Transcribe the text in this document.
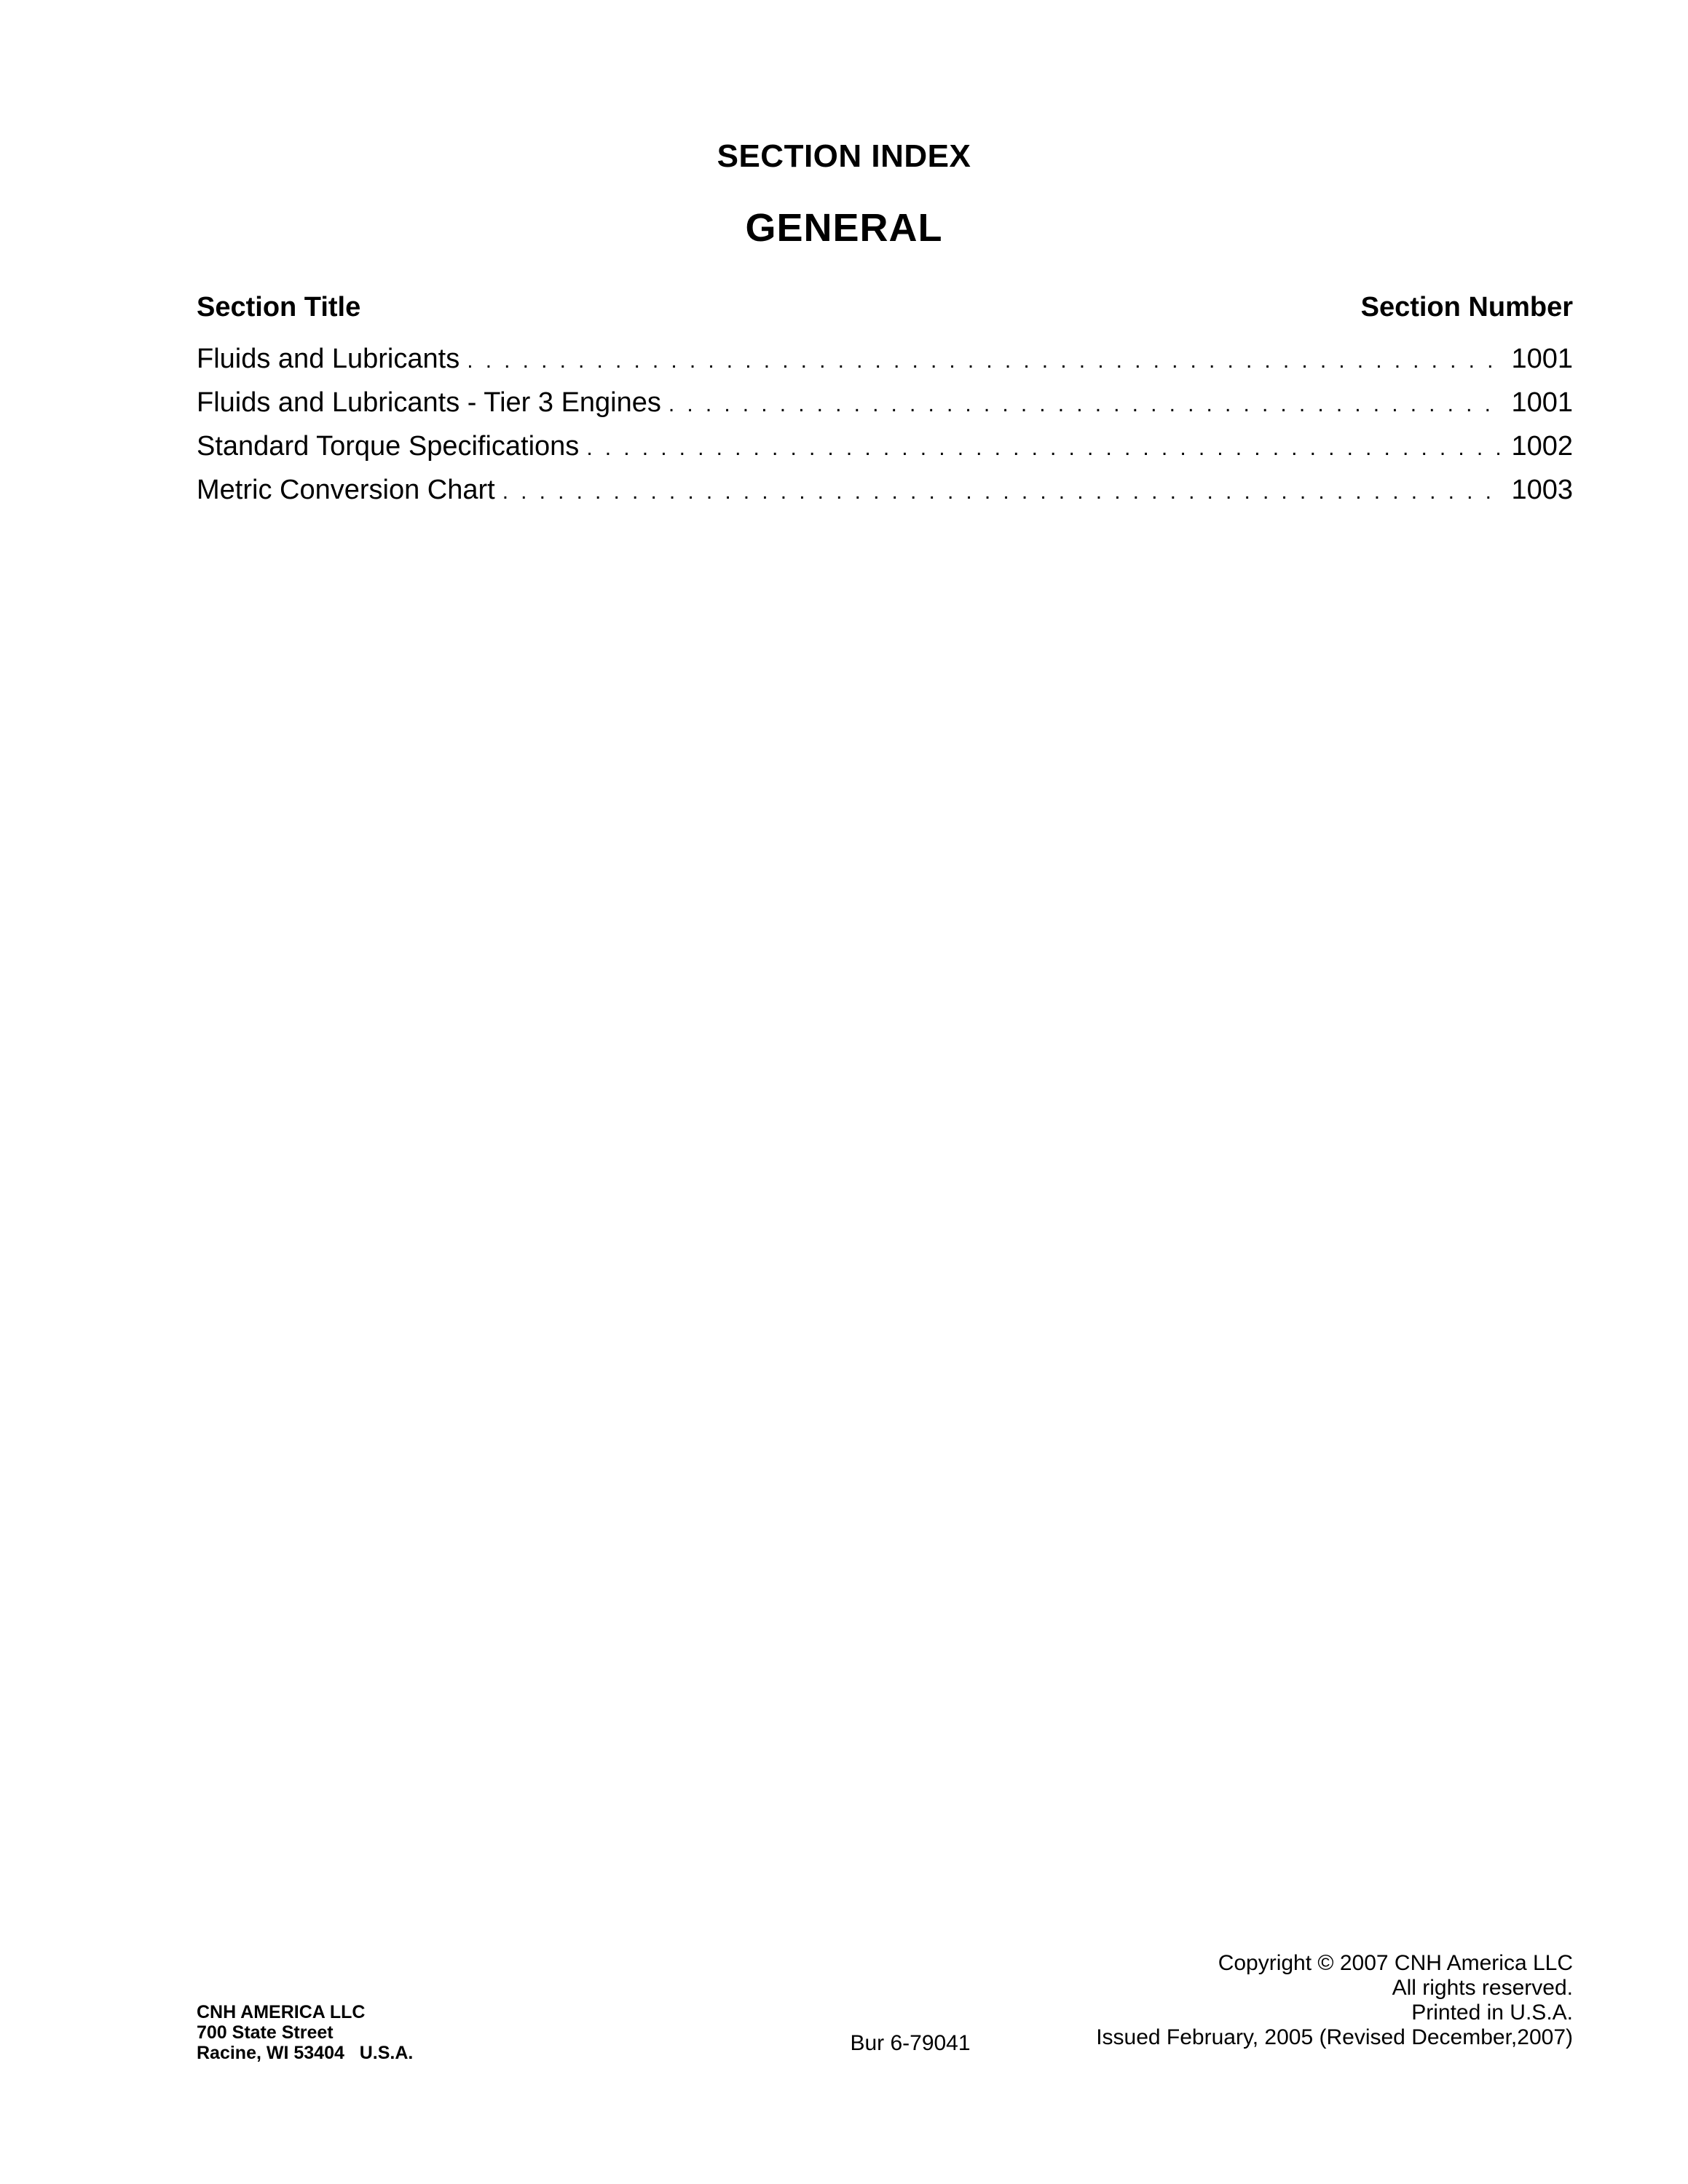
SECTION INDEX
GENERAL
Section Title	Section Number
Fluids and Lubricants . . .	1001
Fluids and Lubricants - Tier 3 Engines . . .	1001
Standard Torque Specifications . . .	1002
Metric Conversion Chart . . .	1003
CNH AMERICA LLC
700 State Street
Racine, WI 53404   U.S.A.	Bur 6-79041
Copyright © 2007 CNH America LLC
All rights reserved.
Printed in U.S.A.
Issued February, 2005 (Revised December,2007)
